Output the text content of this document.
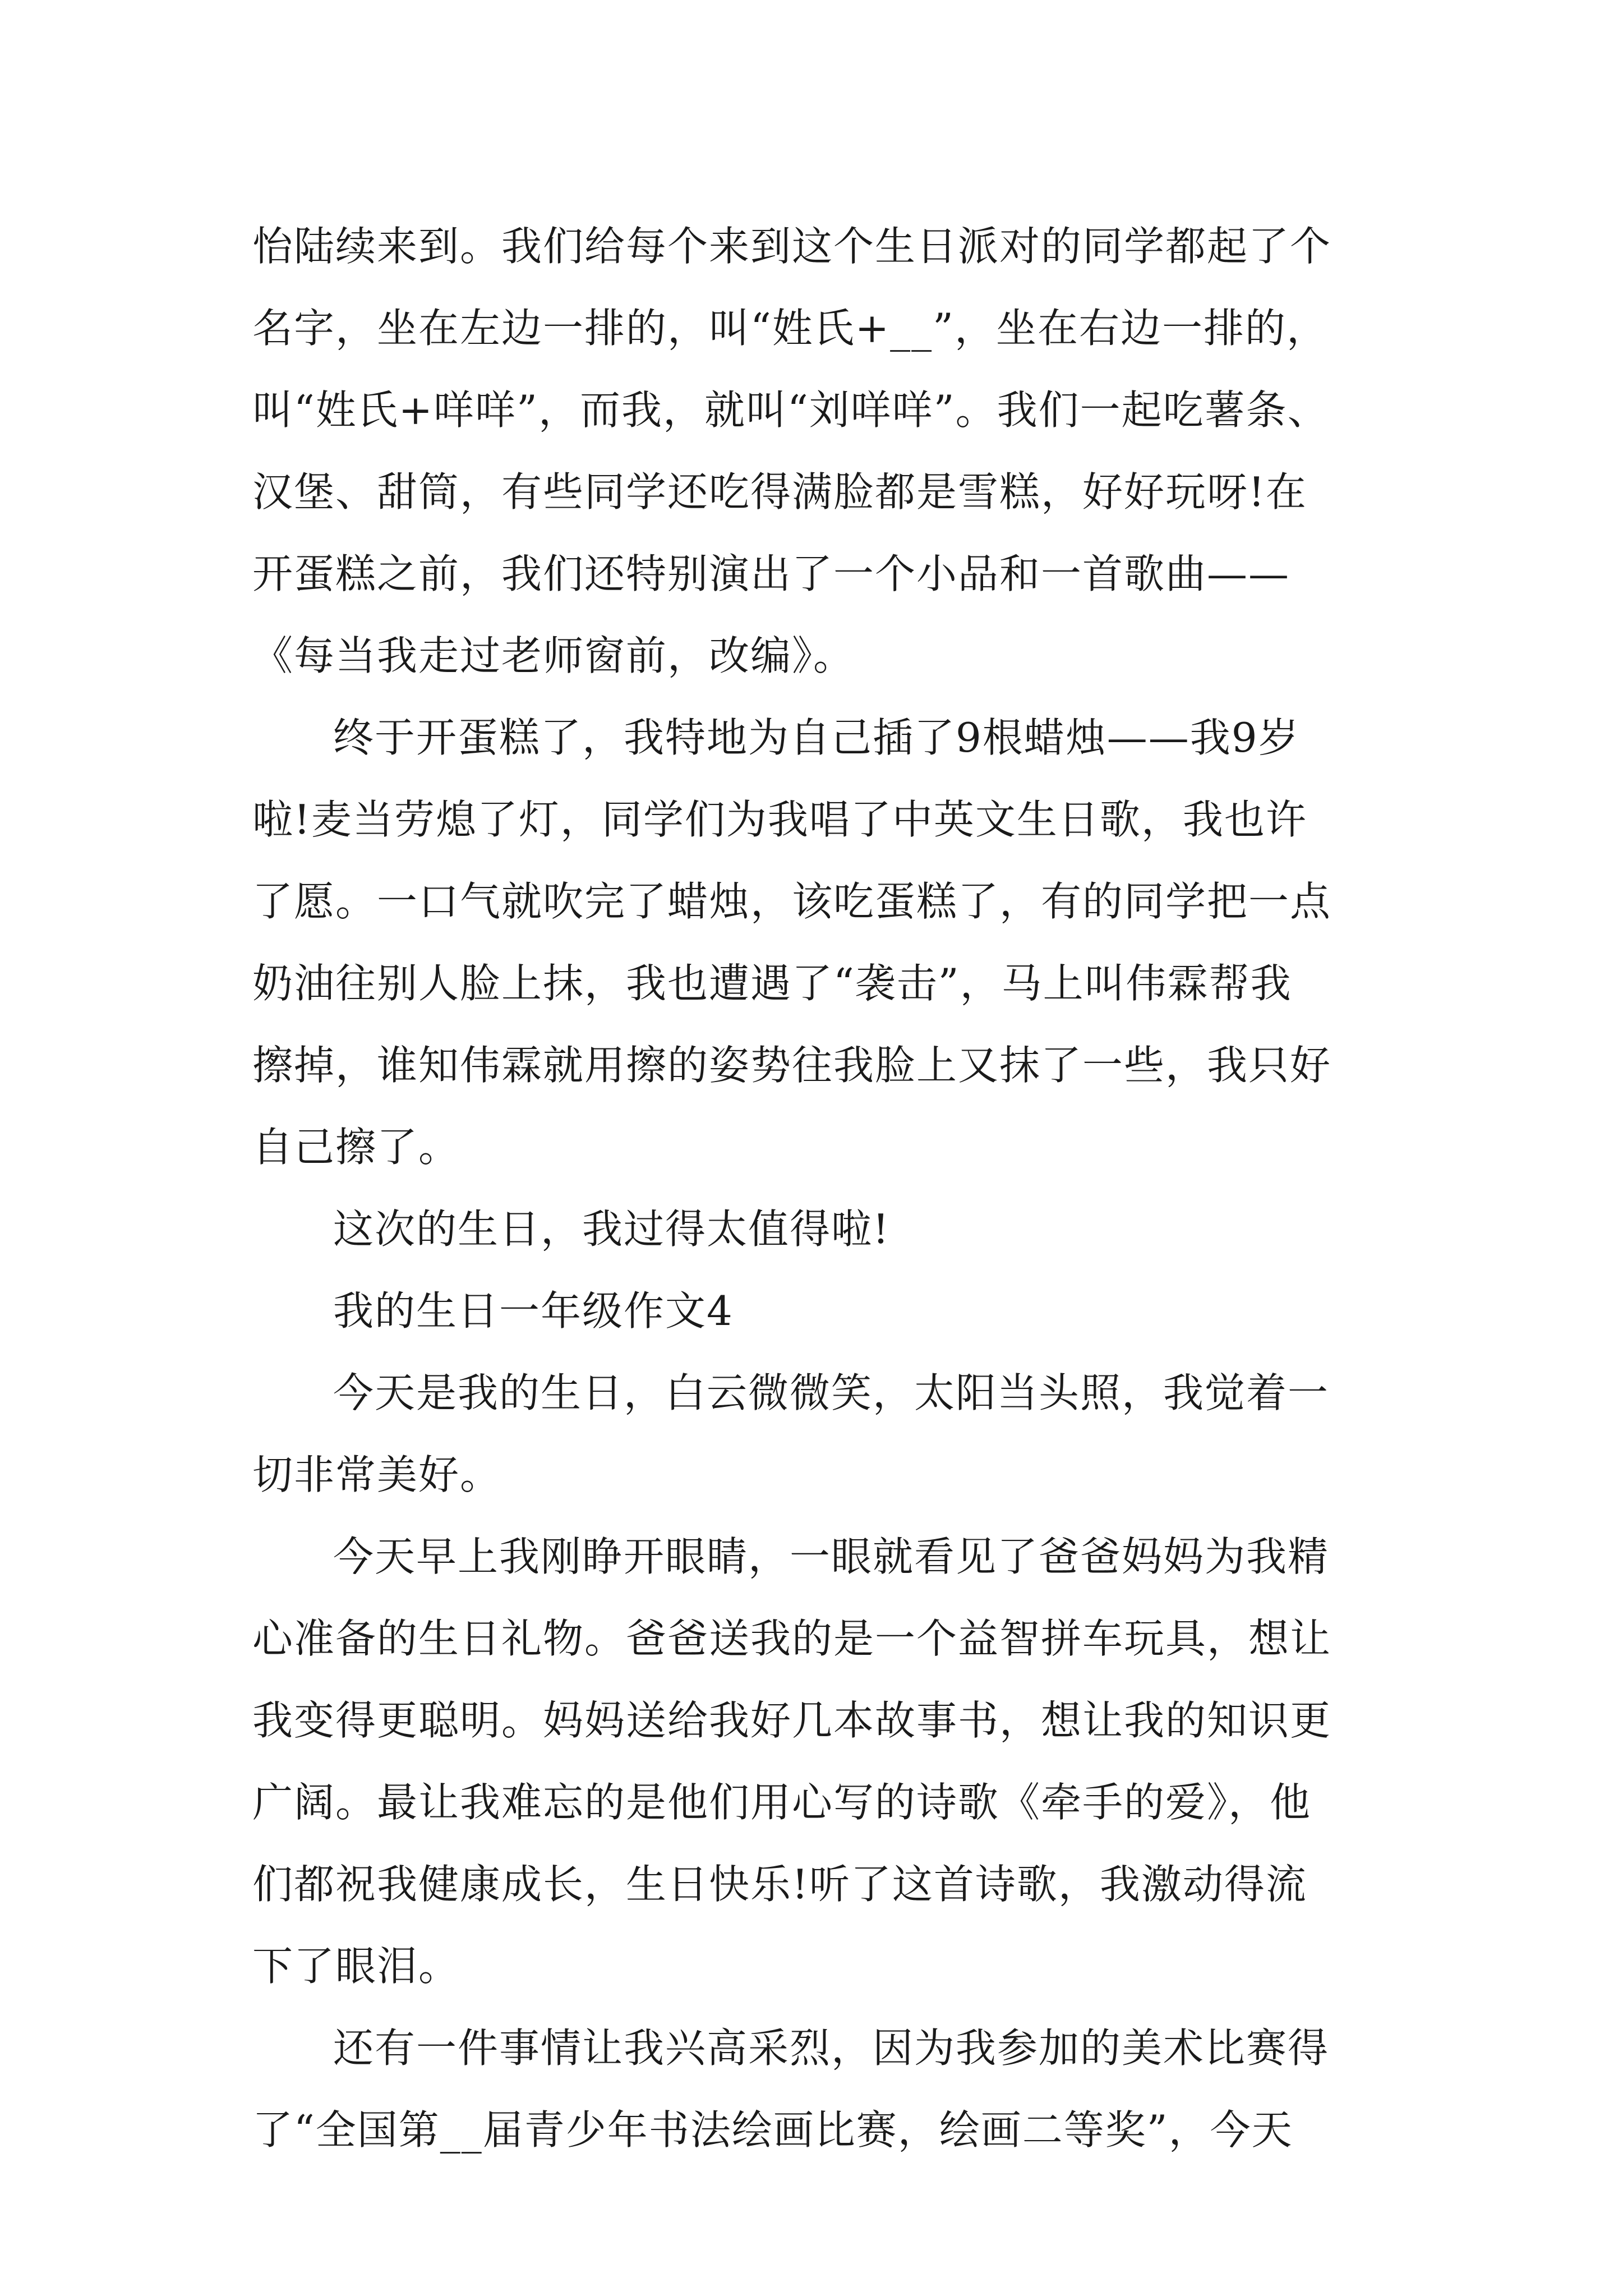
怡陆续来到。我们给每个来到这个生日派对的同学都起了个
名字，坐在左边一排的，叫“姓氏+__”，坐在右边一排的，
叫“姓氏+咩咩”，而我，就叫“刘咩咩”。我们一起吃薯条、
汉堡、甜筒，有些同学还吃得满脸都是雪糕，好好玩呀!在
开蛋糕之前，我们还特别演出了一个小品和一首歌曲——
《每当我走过老师窗前，改编》。
终于开蛋糕了，我特地为自己插了9根蜡烛——我9岁
啦!麦当劳熄了灯，同学们为我唱了中英文生日歌，我也许
了愿。一口气就吹完了蜡烛，该吃蛋糕了，有的同学把一点
奶油往别人脸上抹，我也遭遇了“袭击”，马上叫伟霖帮我
擦掉，谁知伟霖就用擦的姿势往我脸上又抹了一些，我只好
自己擦了。
这次的生日，我过得太值得啦!
我的生日一年级作文4
今天是我的生日，白云微微笑，太阳当头照，我觉着一
切非常美好。
今天早上我刚睁开眼睛，一眼就看见了爸爸妈妈为我精
心准备的生日礼物。爸爸送我的是一个益智拼车玩具，想让
我变得更聪明。妈妈送给我好几本故事书，想让我的知识更
广阔。最让我难忘的是他们用心写的诗歌《牵手的爱》，他
们都祝我健康成长，生日快乐!听了这首诗歌，我激动得流
下了眼泪。
还有一件事情让我兴高采烈，因为我参加的美术比赛得
了“全国第__届青少年书法绘画比赛，绘画二等奖”，今天
